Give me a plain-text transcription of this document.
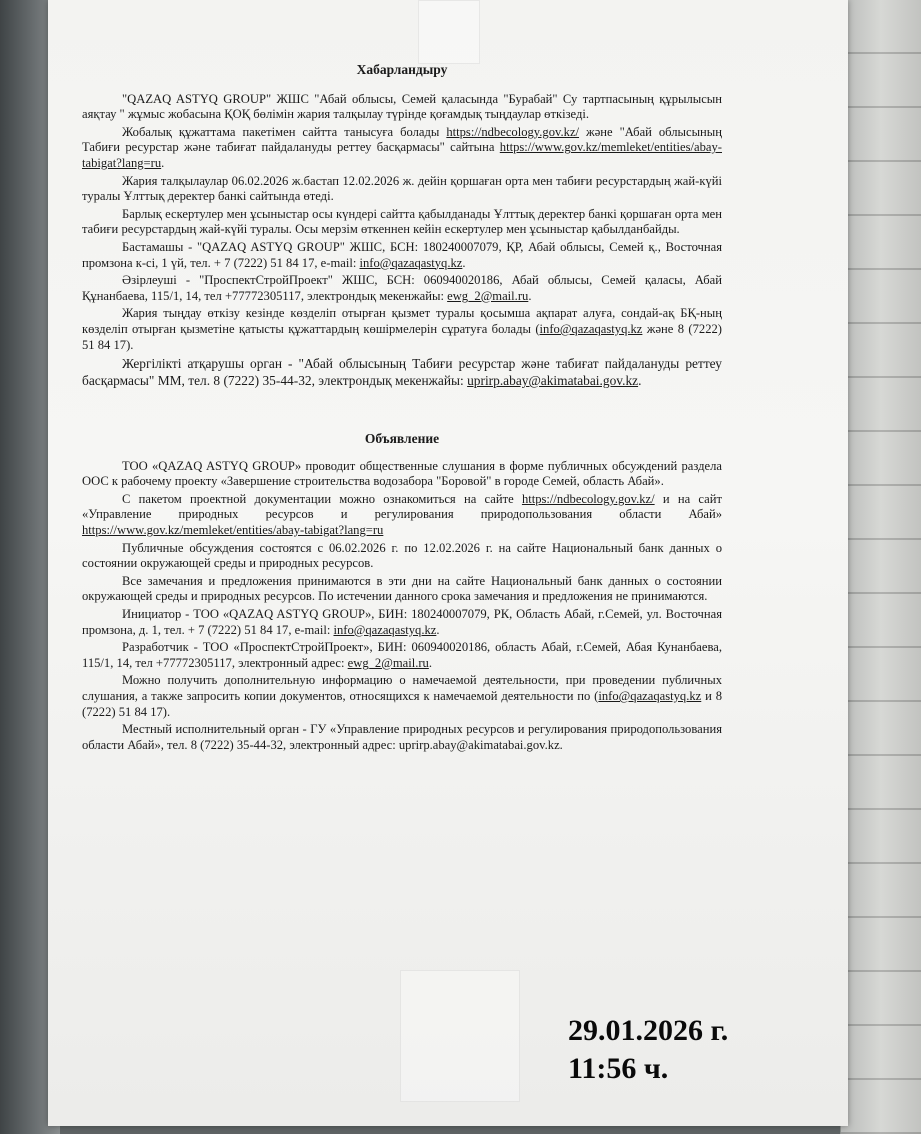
Хабарландыру
"QAZAQ ASTYQ GROUP" ЖШС "Абай облысы, Семей қаласында "Бурабай" Су тартпасының құрылысын аяқтау " жұмыс жобасына ҚОҚ бөлімін жария талқылау түрінде қоғамдық тыңдаулар өткізеді.
Жобалық құжаттама пакетімен сайтта танысуға болады https://ndbecology.gov.kz/ және "Абай облысының Табиғи ресурстар және табиғат пайдалануды реттеу басқармасы" сайтына https://www.gov.kz/memleket/entities/abay-tabigat?lang=ru.
Жария талқылаулар 06.02.2026 ж.бастап 12.02.2026 ж. дейін қоршаған орта мен табиғи ресурстардың жай-күйі туралы Ұлттық деректер банкі сайтында өтеді.
Барлық ескертулер мен ұсыныстар осы күндері сайтта қабылданады Ұлттық деректер банкі қоршаған орта мен табиғи ресурстардың жай-күйі туралы. Осы мерзім өткеннен кейін ескертулер мен ұсыныстар қабылданбайды.
Бастамашы - "QAZAQ ASTYQ GROUP" ЖШС, БСН: 180240007079, ҚР, Абай облысы, Семей қ., Восточная промзона к-сі, 1 үй, тел. + 7 (7222) 51 84 17, e-mail: info@qazaqastyq.kz.
Әзірлеуші - "ПроспектСтройПроект" ЖШС, БСН: 060940020186, Абай облысы, Семей қаласы, Абай Құнанбаева, 115/1, 14, тел +77772305117, электрондық мекенжайы: ewg_2@mail.ru.
Жария тыңдау өткізу кезінде көзделіп отырған қызмет туралы қосымша ақпарат алуға, сондай-ақ БҚ-ның көзделіп отырған қызметіне қатысты құжаттардың көшірмелерін сұратуға болады (info@qazaqastyq.kz және 8 (7222) 51 84 17).
Жергілікті атқарушы орган - "Абай облысының Табиғи ресурстар және табиғат пайдалануды реттеу басқармасы" ММ, тел. 8 (7222) 35-44-32, электрондық мекенжайы: uprirp.abay@akimatabai.gov.kz.
Объявление
ТОО «QAZAQ ASTYQ GROUP» проводит общественные слушания в форме публичных обсуждений раздела ООС к рабочему проекту «Завершение строительства водозабора "Боровой" в городе Семей, область Абай».
С пакетом проектной документации можно ознакомиться на сайте https://ndbecology.gov.kz/ и на сайт «Управление природных ресурсов и регулирования природопользования области Абай» https://www.gov.kz/memleket/entities/abay-tabigat?lang=ru
Публичные обсуждения состоятся с 06.02.2026 г. по 12.02.2026 г. на сайте Национальный банк данных о состоянии окружающей среды и природных ресурсов.
Все замечания и предложения принимаются в эти дни на сайте Национальный банк данных о состоянии окружающей среды и природных ресурсов. По истечении данного срока замечания и предложения не принимаются.
Инициатор - ТОО «QAZAQ ASTYQ GROUP», БИН: 180240007079, РК, Область Абай, г.Семей, ул. Восточная промзона, д. 1, тел. + 7 (7222) 51 84 17, e-mail: info@qazaqastyq.kz.
Разработчик - ТОО «ПроспектСтройПроект», БИН: 060940020186, область Абай, г.Семей, Абая Кунанбаева, 115/1, 14, тел +77772305117, электронный адрес: ewg_2@mail.ru.
Можно получить дополнительную информацию о намечаемой деятельности, при проведении публичных слушания, а также запросить копии документов, относящихся к намечаемой деятельности по (info@qazaqastyq.kz и 8 (7222) 51 84 17).
Местный исполнительный орган - ГУ «Управление природных ресурсов и регулирования природопользования области Абай», тел. 8 (7222) 35-44-32, электронный адрес: uprirp.abay@akimatabai.gov.kz.
29.01.2026 г.
11:56 ч.
